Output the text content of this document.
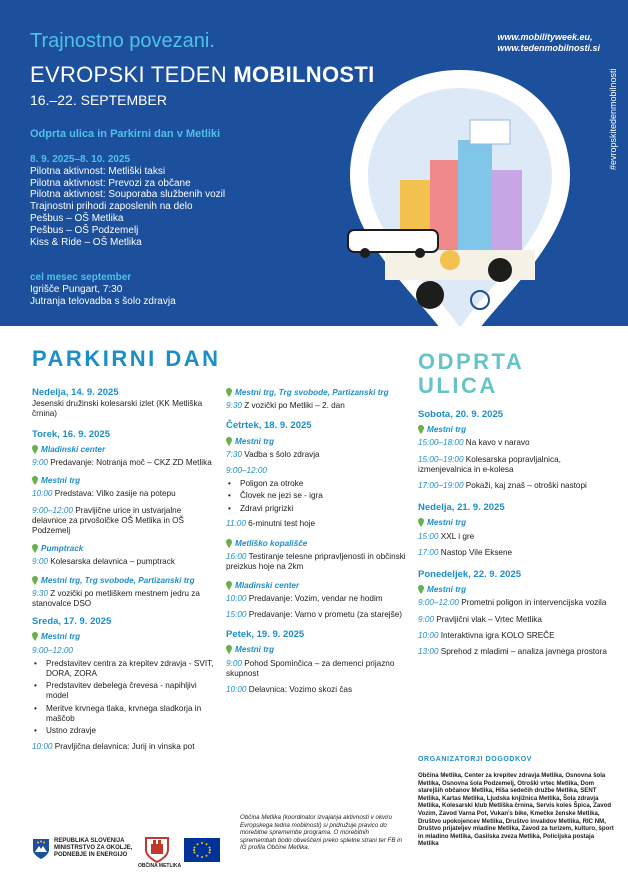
Trajnostno povezani.	www.mobilityweek.eu,
www.tedenmobilnosti.si
EVROPSKI TEDEN MOBILNOSTI
16.–22. SEPTEMBER
Odprta ulica in Parkirni dan v Metliki
8. 9. 2025–8. 10. 2025
Pilotna aktivnost: Metliški taksi
Pilotna aktivnost: Prevozi za občane
Pilotna aktivnost: Souporaba službenih vozil
Trajnostni prihodi zaposlenih na delo
Pešbus – OŠ Metlika
Pešbus – OŠ Podzemelj
Kiss & Ride – OŠ Metlika
cel mesec september
Igrišče Pungart, 7:30
Jutranja telovadba s šolo zdravja
#evropskitedenmobilnosti
PARKIRNI DAN	ODPRTA
ULICA
Nedelja, 14. 9. 2025
Jesenski družinski kolesarski izlet (KK Metliška črnina)
Torek, 16. 9. 2025
Mladinski center
9:00 Predavanje: Notranja moč – CKZ ZD Metlika
Mestni trg
10:00 Predstava: Vilko zasije na potepu
9:00–12:00 Pravljične urice in ustvarjalne delavnice za prvošolčke OŠ Metlika in OŠ Podzemelj
Pumptrack
9:00 Kolesarska delavnica – pumptrack
Mestni trg, Trg svobode, Partizanski trg
9:30 Z vozički po metliškem mestnem jedru za stanovalce DSO
Sreda, 17. 9. 2025
Mestni trg
9:00–12:00
• Predstavitev centra za krepitev zdravja - SVIT, DORA, ZORA
• Predstavitev debelega črevesa - napihljivi model
• Meritve krvnega tlaka, krvnega sladkorja in maščob
• Ustno zdravje
10:00 Pravljična delavnica: Jurij in vinska pot
Mestni trg, Trg svobode, Partizanski trg
9:30 Z vozički po Metliki – 2. dan
Četrtek, 18. 9. 2025
Mestni trg
7:30 Vadba s šolo zdravja
9:00–12:00
• Poligon za otroke
• Človek ne jezi se - igra
• Zdravi prigrizki
11:00 6-minutni test hoje
Metliško kopališče
16:00 Testiranje telesne pripravljenosti in občinski preizkus hoje na 2km
Mladinski center
10:00 Predavanje: Vozim, vendar ne hodim
15:00 Predavanje: Varno v prometu (za starejše)
Petek, 19. 9. 2025
Mestni trg
9:00 Pohod Spominčica – za demenci prijazno skupnost
10:00 Delavnica: Vozimo skozi čas
Sobota, 20. 9. 2025
Mestni trg
15:00–18:00 Na kavo v naravo
15:00–19:00 Kolesarska popravljalnica, izmenjevalnica in e-kolesa
17:00–19:00 Pokaži, kaj znaš – otroški nastopi
Nedelja, 21. 9. 2025
Mestni trg
15:00 XXL i gre
17:00 Nastop Vile Eksene
Ponedeljek, 22. 9. 2025
Mestni trg
9:00–12:00 Prometni poligon in intervencijska vozila
9:00 Pravljični vlak – Vrtec Metlika
10:00 Interaktivna igra KOLO SREČE
13:00 Sprehod z mladimi – analiza javnega prostora
ORGANIZATORJI DOGODKOV
Občina Metlika, Center za krepitev zdravja Metlika, Osnovna šola Metlika, Osnovna šola Podzemelj, Otroški vrtec Metlika, Dom starejših občanov Metlika, Hiša sedečih družbe Metlika, SENT Metlika, Kartas Metlika, Ljudska knjižnica Metlika, Šola zdravja Metlika, Kolesarski klub Metliška črnina, Servis koles Špica, Zavod Vozim, Zavod Varna Pot, Vukan's bike, Kmečke ženske Metlika, Društvo upokojencev Metlika, Društvo invalidov Metlika, RIC NM, Društvo prijateljev mladine Metlika, Zavod za turizem, kulturo, šport in mladino Metlika, Gasilska zveza Metlika, Policijska postaja Metlika
REPUBLIKA SLOVENIJA
MINISTRSTVO ZA OKOLJE,
PODNEBJE IN ENERGIJO
OBČINA METLIKA
Občina Metlika (koordinator izvajanja aktivnosti v okviru Evropskega tedna mobilnosti) si pridružuje pravico do morebitne spremembe programa. O morebitnih spremembah bodo obveščeni preko spletne strani ter FB in IG profila Občine Metlika.
